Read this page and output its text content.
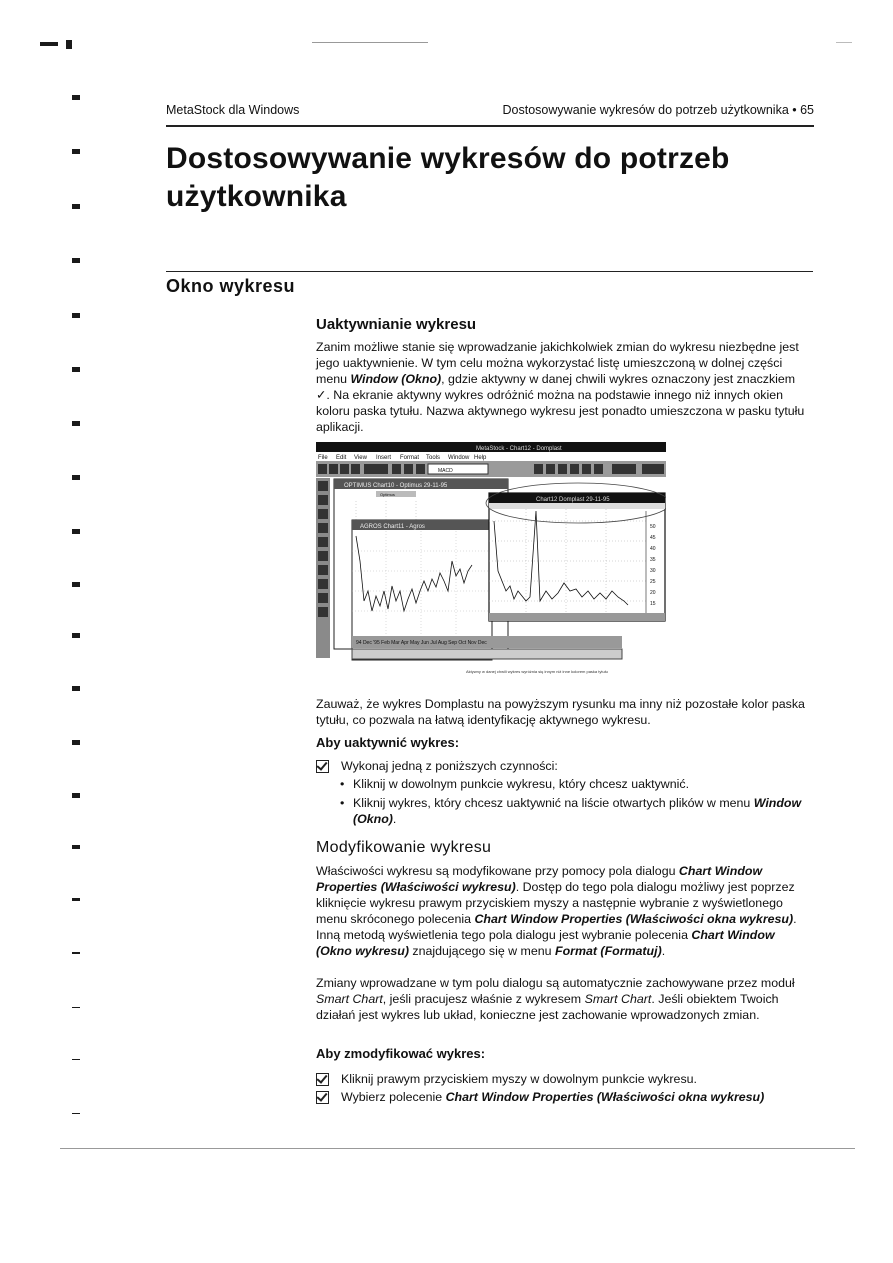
MetaStock dla Windows	Dostosowywanie wykresów do potrzeb użytkownika • 65
Dostosowywanie wykresów do potrzeb użytkownika
Okno wykresu
Uaktywnianie wykresu

Zanim możliwe stanie się wprowadzanie jakichkolwiek zmian do wykresu niezbędne jest jego uaktywnienie. W tym celu można wykorzystać listę umieszczoną w dolnej części menu Window (Okno), gdzie aktywny w danej chwili wykres oznaczony jest znaczkiem ✓. Na ekranie aktywny wykres odróżnić można na podstawie innego niż innych okien koloru paska tytułu. Nazwa aktywnego wykresu jest ponadto umieszczona w pasku tytułu aplikacji.

MetaStock - Chart12 - Domplast
File Edit View Insert Format Tools Window Help
MACD
OPTIMUS Chart10 - Optimus 29-11-95
Optimus
AGROS Chart11 - Agros
94 Dec '95 Feb Mar Apr May Jun Jul Aug Sep Oct Nov Dec
Chart12 Domplast 29-11-95
50
45
40
35
30
25
20
15
Aktywny w danej chwili wykres wyróżnia się innym niż inne kolorem paska tytułu

Zauważ, że wykres Domplastu na powyższym rysunku ma inny niż pozostałe kolor paska tytułu, co pozwala na łatwą identyfikację aktywnego wykresu.

Aby uaktywnić wykres:
Wykonaj jedną z poniższych czynności:
• Kliknij w dowolnym punkcie wykresu, który chcesz uaktywnić.
• Kliknij wykres, który chcesz uaktywnić na liście otwartych plików w menu Window (Okno).
Modyfikowanie wykresu

Właściwości wykresu są modyfikowane przy pomocy pola dialogu Chart Window Properties (Właściwości wykresu). Dostęp do tego pola dialogu możliwy jest poprzez kliknięcie wykresu prawym przyciskiem myszy a następnie wybranie z wyświetlonego menu skróconego polecenia Chart Window Properties (Właściwości okna wykresu). Inną metodą wyświetlenia tego pola dialogu jest wybranie polecenia Chart Window (Okno wykresu) znajdującego się w menu Format (Formatuj).

Zmiany wprowadzane w tym polu dialogu są automatycznie zachowywane przez moduł Smart Chart, jeśli pracujesz właśnie z wykresem Smart Chart. Jeśli obiektem Twoich działań jest wykres lub układ, konieczne jest zachowanie wprowadzonych zmian.

Aby zmodyfikować wykres:
Kliknij prawym przyciskiem myszy w dowolnym punkcie wykresu.
Wybierz polecenie Chart Window Properties (Właściwości okna wykresu)
